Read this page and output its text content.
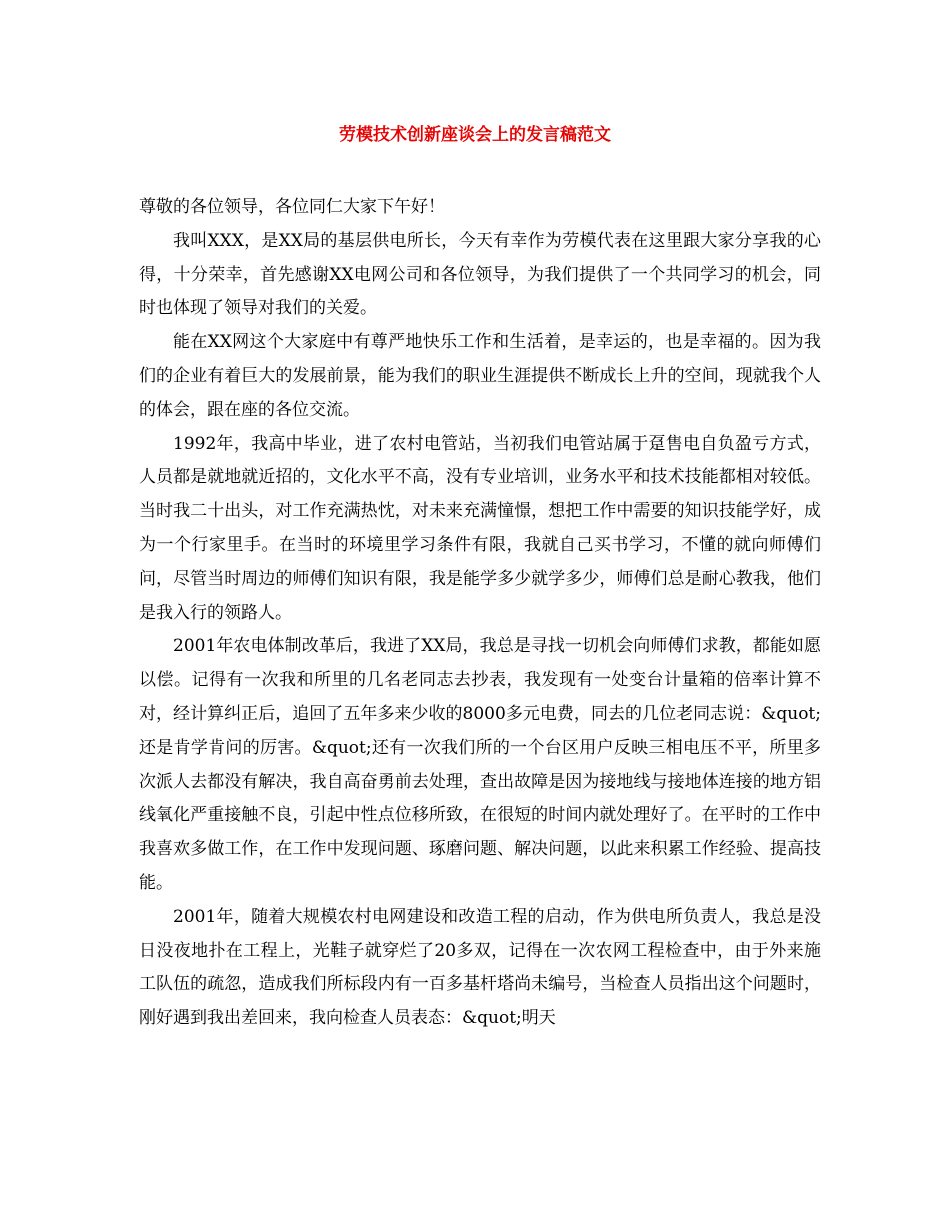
劳模技术创新座谈会上的发言稿范文

尊敬的各位领导，各位同仁大家下午好！

我叫XXX，是XX局的基层供电所长，今天有幸作为劳模代表在这里跟大家分享我的心得，十分荣幸，首先感谢XX电网公司和各位领导，为我们提供了一个共同学习的机会，同时也体现了领导对我们的关爱。

能在XX网这个大家庭中有尊严地快乐工作和生活着，是幸运的，也是幸福的。因为我们的企业有着巨大的发展前景，能为我们的职业生涯提供不断成长上升的空间，现就我个人的体会，跟在座的各位交流。

1992年，我高中毕业，进了农村电管站，当初我们电管站属于趸售电自负盈亏方式，人员都是就地就近招的，文化水平不高，没有专业培训，业务水平和技术技能都相对较低。当时我二十出头，对工作充满热忱，对未来充满憧憬，想把工作中需要的知识技能学好，成为一个行家里手。在当时的环境里学习条件有限，我就自己买书学习，不懂的就向师傅们问，尽管当时周边的师傅们知识有限，我是能学多少就学多少，师傅们总是耐心教我，他们是我入行的领路人。

2001年农电体制改革后，我进了XX局，我总是寻找一切机会向师傅们求教，都能如愿以偿。记得有一次我和所里的几名老同志去抄表，我发现有一处变台计量箱的倍率计算不对，经计算纠正后，追回了五年多来少收的8000多元电费，同去的几位老同志说：&quot;还是肯学肯问的厉害。&quot;还有一次我们所的一个台区用户反映三相电压不平，所里多次派人去都没有解决，我自高奋勇前去处理，查出故障是因为接地线与接地体连接的地方铝线氧化严重接触不良，引起中性点位移所致，在很短的时间内就处理好了。在平时的工作中我喜欢多做工作，在工作中发现问题、琢磨问题、解决问题，以此来积累工作经验、提高技能。

2001年，随着大规模农村电网建设和改造工程的启动，作为供电所负责人，我总是没日没夜地扑在工程上，光鞋子就穿烂了20多双，记得在一次农网工程检查中，由于外来施工队伍的疏忽，造成我们所标段内有一百多基杆塔尚未编号，当检查人员指出这个问题时，刚好遇到我出差回来，我向检查人员表态：&quot;明天
